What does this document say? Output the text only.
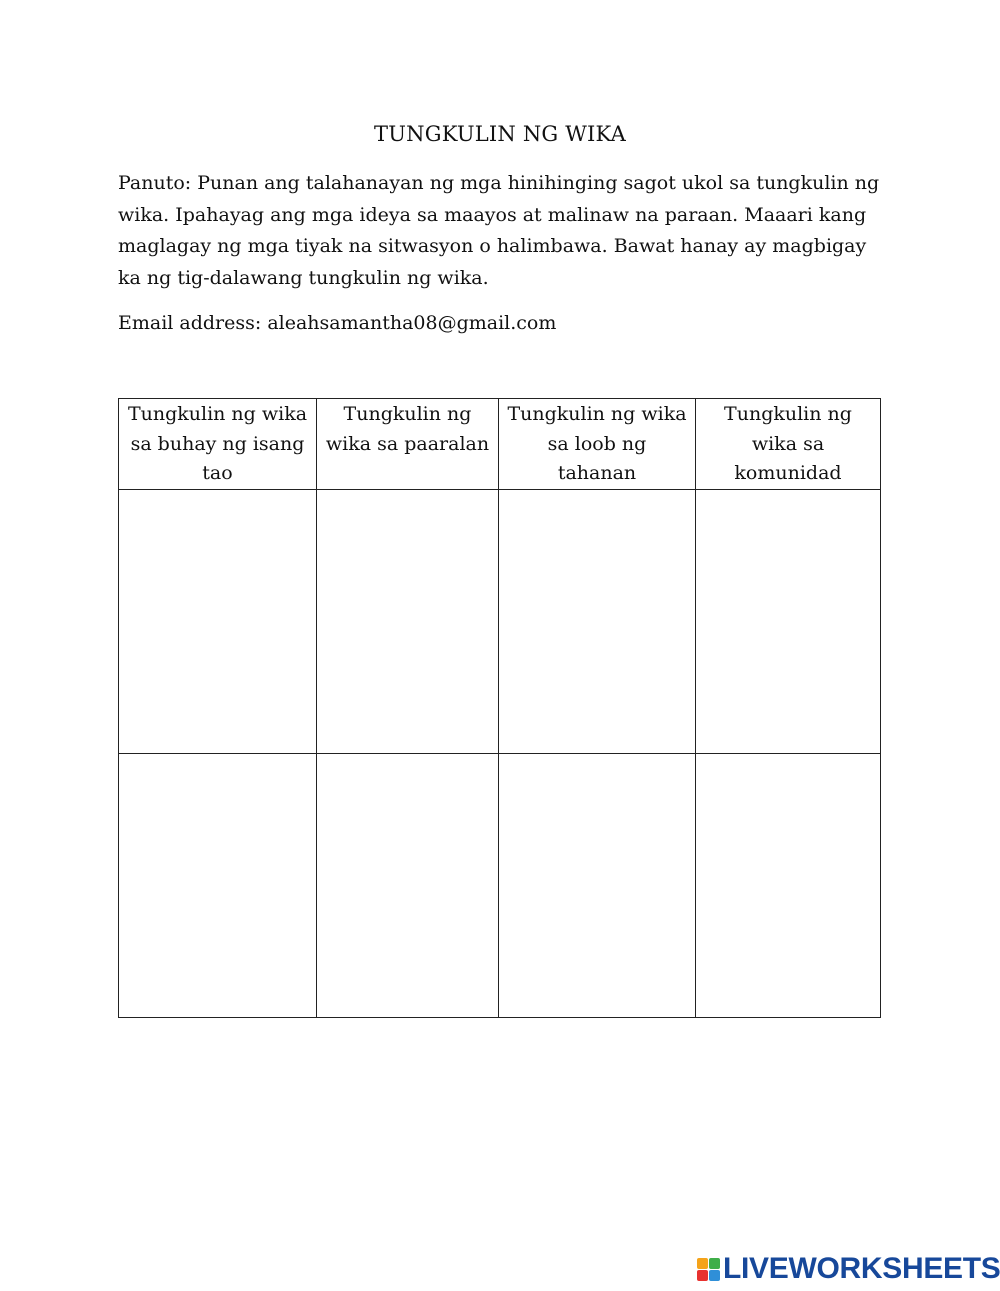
TUNGKULIN NG WIKA

Panuto: Punan ang talahanayan ng mga hinihinging sagot ukol sa tungkulin ng wika. Ipahayag ang mga ideya sa maayos at malinaw na paraan. Maaari kang maglagay ng mga tiyak na sitwasyon o halimbawa. Bawat hanay ay magbigay ka ng tig-dalawang tungkulin ng wika.

Email address: aleahsamantha08@gmail.com
Tungkulin ng wika sa buhay ng isang tao	Tungkulin ng wika sa paaralan	Tungkulin ng wika sa loob ng tahanan	Tungkulin ng wika sa komunidad

LIVEWORKSHEETS
